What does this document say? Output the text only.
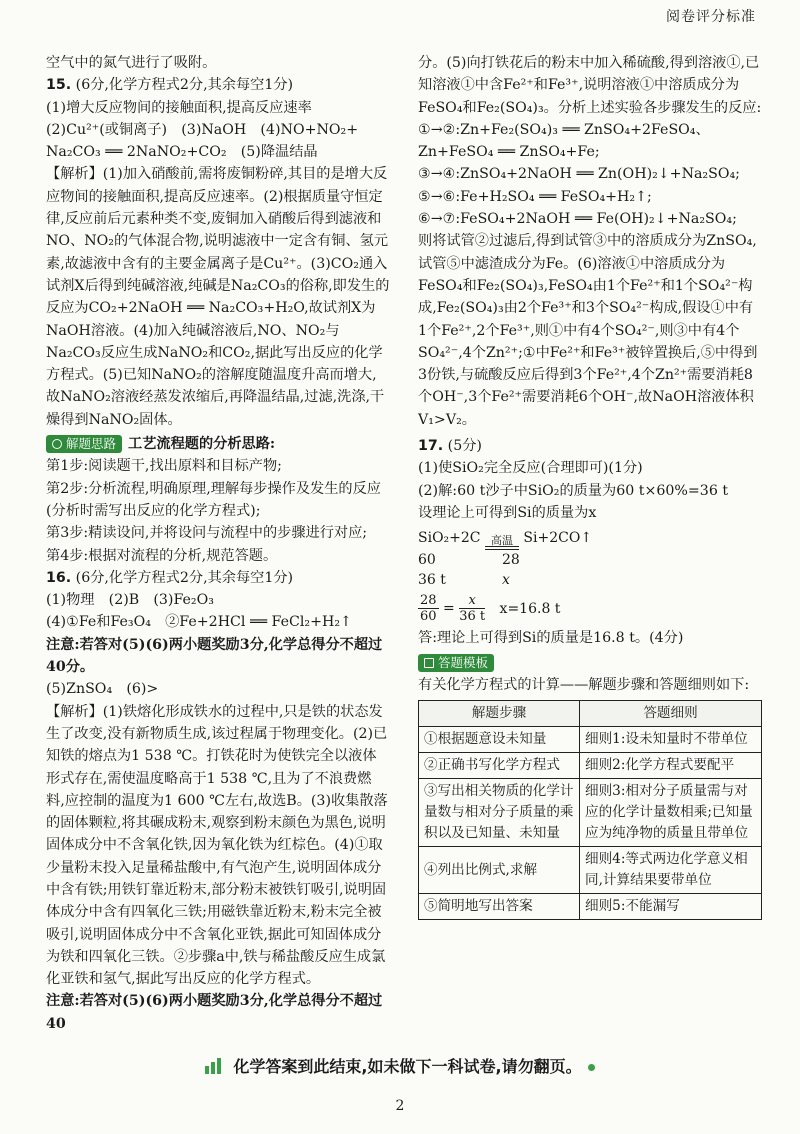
阅卷评分标准

空气中的氮气进行了吸附。

15. (6分,化学方程式2分,其余每空1分)

(1)增大反应物间的接触面积,提高反应速率

(2)Cu²⁺(或铜离子)　(3)NaOH　(4)NO+NO₂+

Na₂CO₃ ══ 2NaNO₂+CO₂　(5)降温结晶

【解析】(1)加入硝酸前,需将废铜粉碎,其目的是增大反应物间的接触面积,提高反应速率。(2)根据质量守恒定律,反应前后元素种类不变,废铜加入硝酸后得到滤液和NO、NO₂的气体混合物,说明滤液中一定含有铜、氢元素,故滤液中含有的主要金属离子是Cu²⁺。(3)CO₂通入试剂X后得到纯碱溶液,纯碱是Na₂CO₃的俗称,即发生的反应为CO₂+2NaOH ══ Na₂CO₃+H₂O,故试剂X为NaOH溶液。(4)加入纯碱溶液后,NO、NO₂与Na₂CO₃反应生成NaNO₂和CO₂,据此写出反应的化学方程式。(5)已知NaNO₂的溶解度随温度升高而增大,故NaNO₂溶液经蒸发浓缩后,再降温结晶,过滤,洗涤,干燥得到NaNO₂固体。

解题思路 工艺流程题的分析思路:

第1步:阅读题干,找出原料和目标产物;

第2步:分析流程,明确原理,理解每步操作及发生的反应(分析时需写出反应的化学方程式);

第3步:精读设问,并将设问与流程中的步骤进行对应;

第4步:根据对流程的分析,规范答题。

16. (6分,化学方程式2分,其余每空1分)

(1)物理　(2)B　(3)Fe₂O₃

(4)①Fe和Fe₃O₄　②Fe+2HCl ══ FeCl₂+H₂↑

注意:若答对(5)(6)两小题奖励3分,化学总得分不超过40分。

(5)ZnSO₄　(6)>

【解析】(1)铁熔化形成铁水的过程中,只是铁的状态发生了改变,没有新物质生成,该过程属于物理变化。(2)已知铁的熔点为1 538 ℃。打铁花时为使铁完全以液体形式存在,需使温度略高于1 538 ℃,且为了不浪费燃料,应控制的温度为1 600 ℃左右,故选B。(3)收集散落的固体颗粒,将其碾成粉末,观察到粉末颜色为黑色,说明固体成分中不含氧化铁,因为氧化铁为红棕色。(4)①取少量粉末投入足量稀盐酸中,有气泡产生,说明固体成分中含有铁;用铁钉靠近粉末,部分粉末被铁钉吸引,说明固体成分中含有四氧化三铁;用磁铁靠近粉末,粉末完全被吸引,说明固体成分中不含氧化亚铁,据此可知固体成分为铁和四氧化三铁。②步骤a中,铁与稀盐酸反应生成氯化亚铁和氢气,据此写出反应的化学方程式。

注意:若答对(5)(6)两小题奖励3分,化学总得分不超过40

分。(5)向打铁花后的粉末中加入稀硫酸,得到溶液①,已知溶液①中含Fe²⁺和Fe³⁺,说明溶液①中溶质成分为FeSO₄和Fe₂(SO₄)₃。分析上述实验各步骤发生的反应:

①→②:Zn+Fe₂(SO₄)₃ ══ ZnSO₄+2FeSO₄、Zn+FeSO₄ ══ ZnSO₄+Fe;

③→④:ZnSO₄+2NaOH ══ Zn(OH)₂↓+Na₂SO₄;

⑤→⑥:Fe+H₂SO₄ ══ FeSO₄+H₂↑;

⑥→⑦:FeSO₄+2NaOH ══ Fe(OH)₂↓+Na₂SO₄;

则将试管②过滤后,得到试管③中的溶质成分为ZnSO₄,试管⑤中滤渣成分为Fe。(6)溶液①中溶质成分为FeSO₄和Fe₂(SO₄)₃,FeSO₄由1个Fe²⁺和1个SO₄²⁻构成,Fe₂(SO₄)₃由2个Fe³⁺和3个SO₄²⁻构成,假设①中有1个Fe²⁺,2个Fe³⁺,则①中有4个SO₄²⁻,则③中有4个SO₄²⁻,4个Zn²⁺;①中Fe²⁺和Fe³⁺被锌置换后,⑤中得到3份铁,与硫酸反应后得到3个Fe²⁺,4个Zn²⁺需要消耗8个OH⁻,3个Fe²⁺需要消耗6个OH⁻,故NaOH溶液体积V₁>V₂。

17. (5分)

(1)使SiO₂完全反应(合理即可)(1分)

(2)解:60 t沙子中SiO₂的质量为60 t×60%=36 t

设理论上可得到Si的质量为x

SiO₂+2C 高温 Si+2CO↑
60	28
36 t	x
$\frac{28}{60} = \frac{x}{36 t} x=16.8$ t

答:理论上可得到Si的质量是16.8 t。(4分)

答题模板

有关化学方程式的计算——解题步骤和答题细则如下:

解题步骤	答题细则
①根据题意设未知量	细则1:设未知量时不带单位
②正确书写化学方程式	细则2:化学方程式要配平
③写出相关物质的化学计量数与相对分子质量的乘积以及已知量、未知量	细则3:相对分子质量需与对应的化学计量数相乘;已知量应为纯净物的质量且带单位
④列出比例式,求解	细则4:等式两边化学意义相同,计算结果要带单位
⑤简明地写出答案	细则5:不能漏写
化学答案到此结束,如未做下一科试卷,请勿翻页。
2
